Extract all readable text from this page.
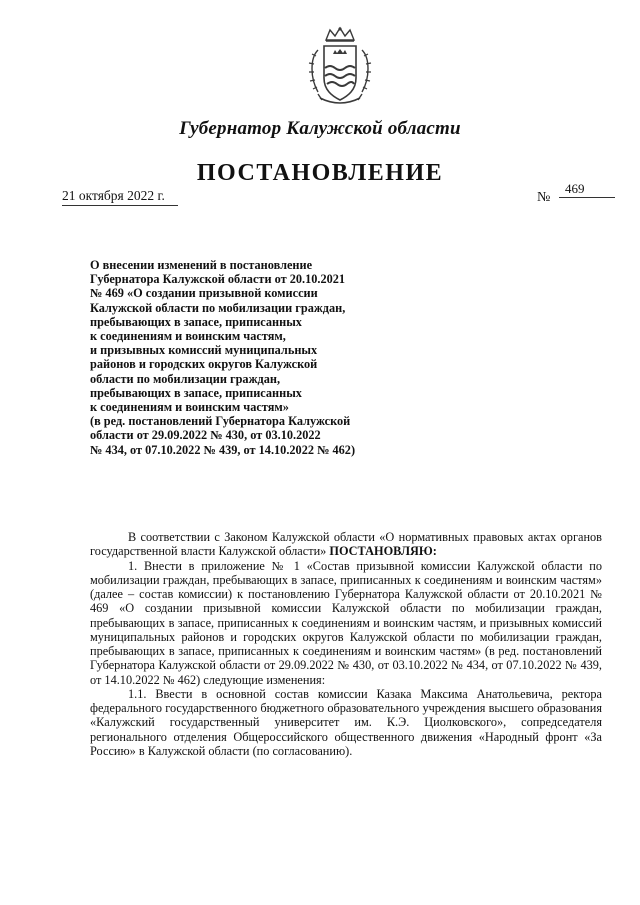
Губернатор Калужской области
ПОСТАНОВЛЕНИЕ
21 октября 2022 г.	№
469
О внесении изменений в постановление
Губернатора Калужской области от 20.10.2021
№ 469 «О создании призывной комиссии
Калужской области по мобилизации граждан,
пребывающих в запасе, приписанных
к соединениям и воинским частям,
и призывных комиссий муниципальных
районов и городских округов Калужской
области по мобилизации граждан,
пребывающих в запасе, приписанных
к соединениям и воинским частям»
(в ред. постановлений Губернатора Калужской
области от 29.09.2022 № 430, от 03.10.2022
№ 434, от 07.10.2022 № 439, от 14.10.2022 № 462)

В соответствии с Законом Калужской области «О нормативных правовых актах органов государственной власти Калужской области» ПОСТАНОВЛЯЮ:

1. Внести в приложение № 1 «Состав призывной комиссии Калужской области по мобилизации граждан, пребывающих в запасе, приписанных к соединениям и воинским частям» (далее – состав комиссии) к постановлению Губернатора Калужской области от 20.10.2021 № 469 «О создании призывной комиссии Калужской области по мобилизации граждан, пребывающих в запасе, приписанных к соединениям и воинским частям, и призывных комиссий муниципальных районов и городских округов Калужской области по мобилизации граждан, пребывающих в запасе, приписанных к соединениям и воинским частям» (в ред. постановлений Губернатора Калужской области от 29.09.2022 № 430, от 03.10.2022 № 434, от 07.10.2022 № 439, от 14.10.2022 № 462) следующие изменения:

1.1. Ввести в основной состав комиссии Казака Максима Анатольевича, ректора федерального государственного бюджетного образовательного учреждения высшего образования «Калужский государственный университет им. К.Э. Циолковского», сопредседателя регионального отделения Общероссийского общественного движения «Народный фронт «За Россию» в Калужской области (по согласованию).
